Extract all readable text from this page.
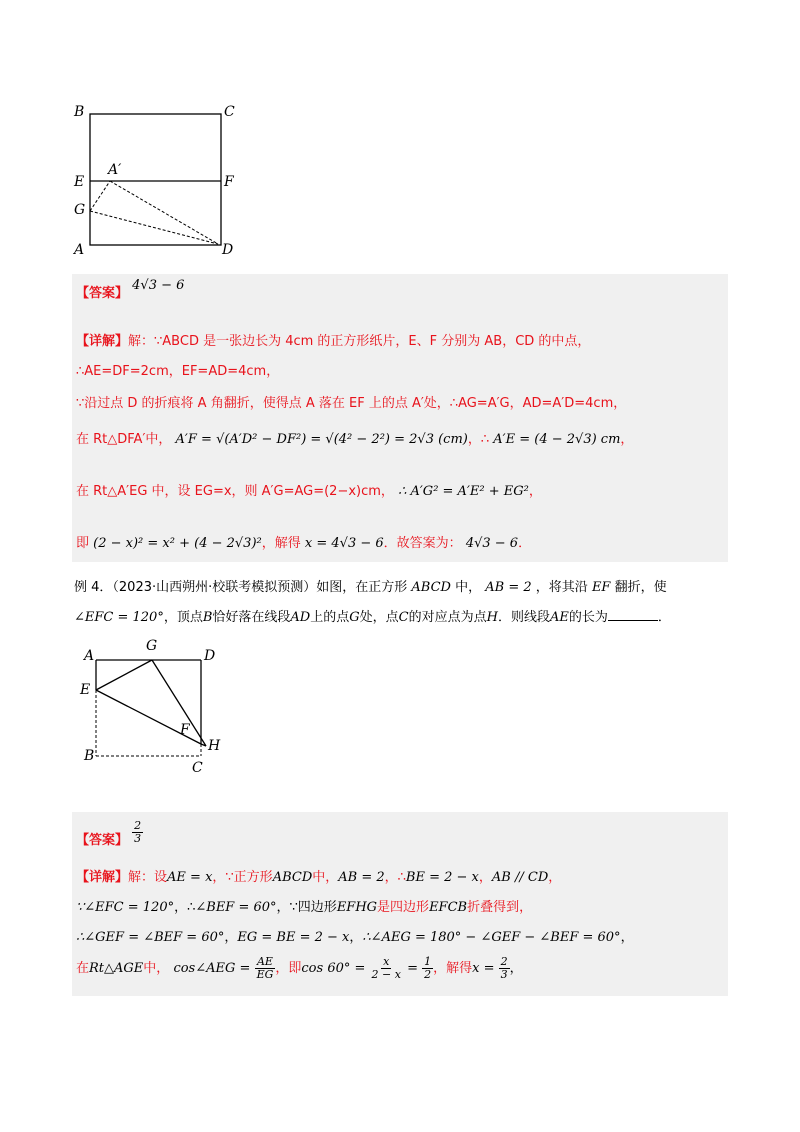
B	C
E	F
A′
G
A	D
【答案】 4√3 − 6
【详解】解：∵ABCD 是一张边长为 4cm 的正方形纸片，E、F 分别为 AB，CD 的中点，
∴AE=DF=2cm，EF=AD=4cm，
∵沿过点 D 的折痕将 A 角翻折，使得点 A 落在 EF 上的点 A′处，∴AG=A′G，AD=A′D=4cm，
在 Rt△DFA′中， A′F = √(A′D² − DF²) = √(4² − 2²) = 2√3 (cm)，∴ A′E = (4 − 2√3) cm，
在 Rt△A′EG 中，设 EG=x，则 A′G=AG=(2−x)cm， ∴ A′G² = A′E² + EG²，
即 (2 − x)² = x² + (4 − 2√3)²，解得 x = 4√3 − 6．故答案为： 4√3 − 6．
例 4．（2023·山西朔州·校联考模拟预测）如图，在正方形 ABCD 中， AB = 2 ，将其沿 EF 翻折，使
∠EFC = 120°，顶点B恰好落在线段AD上的点G处，点C的对应点为点H．则线段AE的长为	．
A
G
D
E
F
H
B
C
【答案】 $\frac{2}{3}$
【详解】解：设AE = x，∵正方形ABCD中，AB = 2，∴BE = 2 − x，AB // CD，
∵∠EFC = 120°，∴∠BEF = 60°，∵四边形EFHG是四边形EFCB折叠得到，
∴∠GEF = ∠BEF = 60°，EG = BE = 2 − x，∴∠AEG = 180° − ∠GEF − ∠BEF = 60°，
在Rt△AGE中， cos∠AEG = $\frac{AE}{EG}$ ，即$\cos 60^\circ = \frac{x}{2 - x} = \frac{1}{2}$ ，解得$x = \frac{2}{3}$ ，
